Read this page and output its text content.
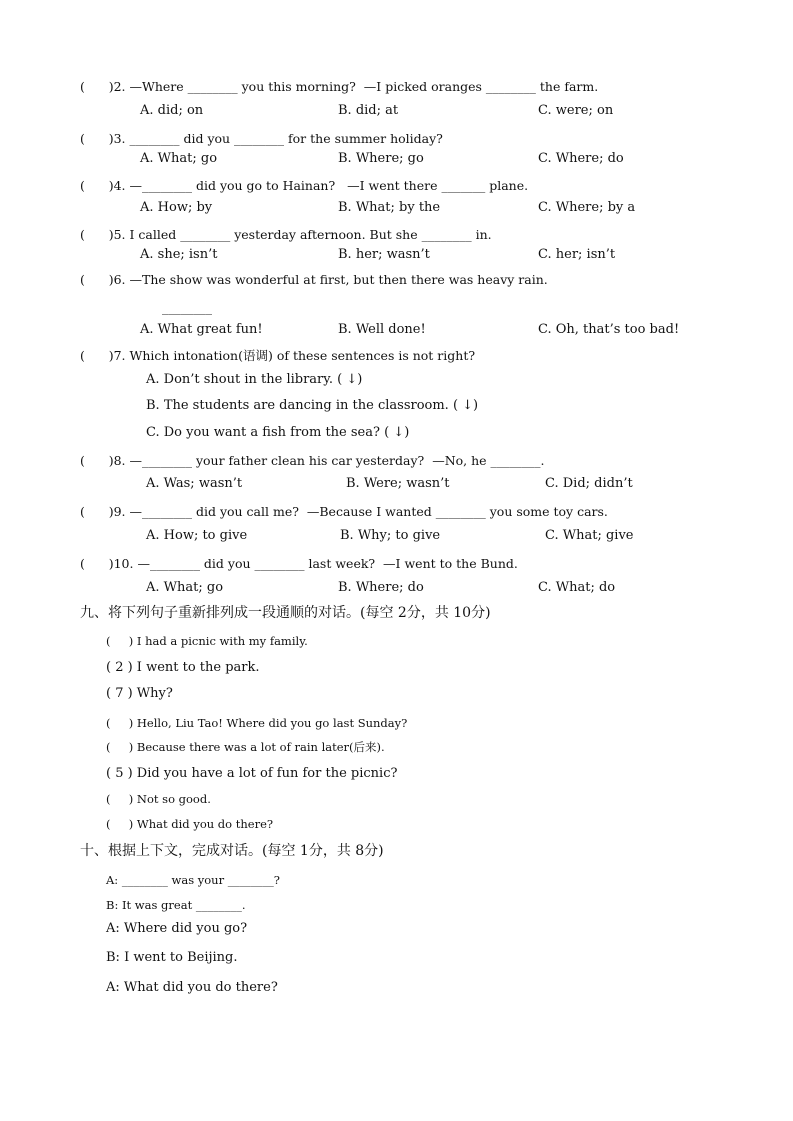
(      )2. —Where ________ you this morning?  —I picked oranges ________ the farm.
A. did; on	B. did; at	C. were; on
(      )3. ________ did you ________ for the summer holiday?
A. What; go	B. Where; go	C. Where; do
(      )4. —________ did you go to Hainan?   —I went there _______ plane.
A. How; by	B. What; by the	C. Where; by a
(      )5. I called ________ yesterday afternoon. But she ________ in.
A. she; isn’t	B. her; wasn’t	C. her; isn’t
(      )6. —The show was wonderful at first, but then there was heavy rain.
________
A. What great fun!	B. Well done!	C. Oh, that’s too bad!
(      )7. Which intonation(语调) of these sentences is not right?
A. Don’t shout in the library. ( ↓)
B. The students are dancing in the classroom. ( ↓)
C. Do you want a fish from the sea? ( ↓)
(      )8. —________ your father clean his car yesterday?  —No, he ________.
A. Was; wasn’t	B. Were; wasn’t	C. Did; didn’t
(      )9. —________ did you call me?  —Because I wanted ________ you some toy cars.
A. How; to give	B. Why; to give	C. What; give
(      )10. —________ did you ________ last week?  —I went to the Bund.
A. What; go	B. Where; do	C. What; do
九、将下列句子重新排列成一段通顺的对话。(每空 2分，共 10分)
(     ) I had a picnic with my family.
( 2 ) I went to the park.
( 7 ) Why?
(     ) Hello, Liu Tao! Where did you go last Sunday?
(     ) Because there was a lot of rain later(后来).
( 5 ) Did you have a lot of fun for the picnic?
(     ) Not so good.
(     ) What did you do there?
十、根据上下文，完成对话。(每空 1分，共 8分)
A: ________ was your ________?
B: It was great ________.
A: Where did you go?
B: I went to Beijing.
A: What did you do there?
